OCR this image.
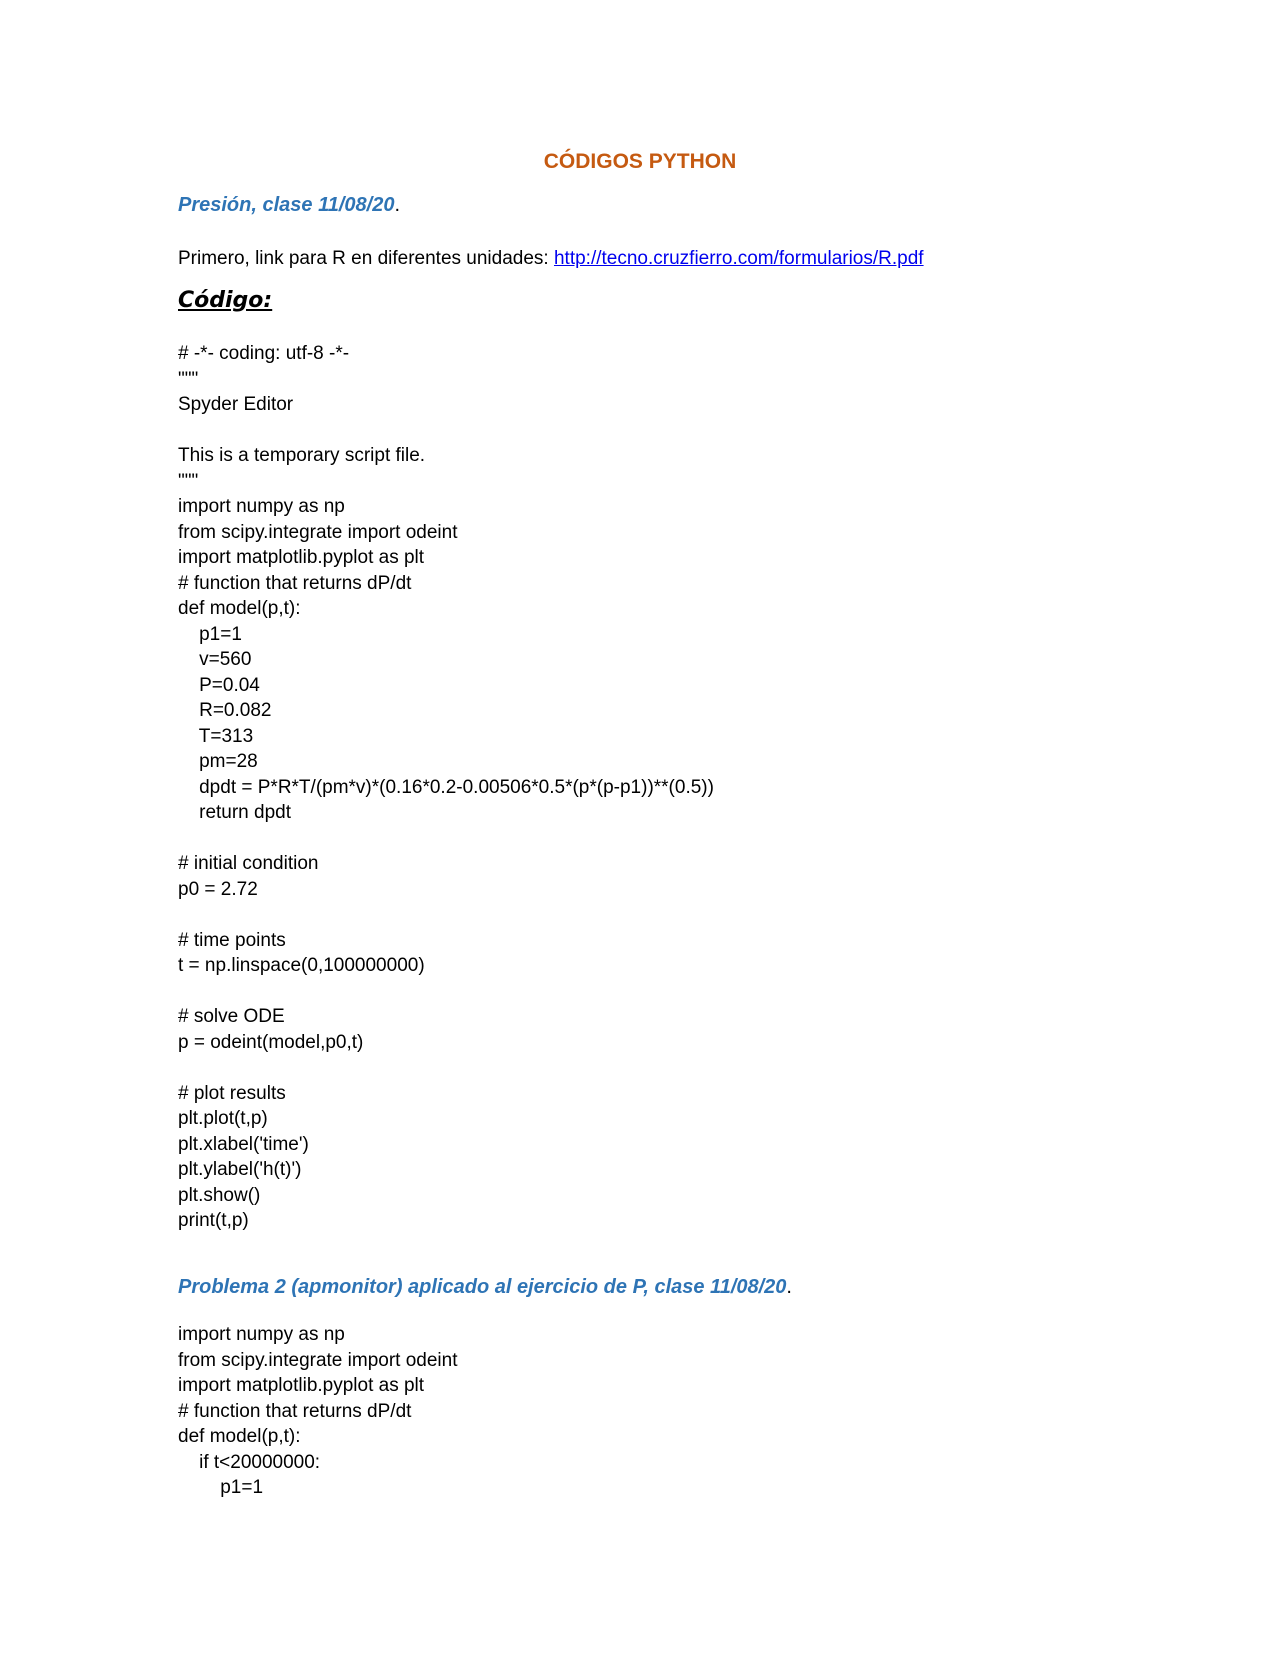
CÓDIGOS PYTHON
Presión, clase 11/08/20.
Primero, link para R en diferentes unidades: http://tecno.cruzfierro.com/formularios/R.pdf
Código:
# -*- coding: utf-8 -*-
"""
Spyder Editor

This is a temporary script file.
"""
import numpy as np
from scipy.integrate import odeint
import matplotlib.pyplot as plt
# function that returns dP/dt
def model(p,t):
p1=1
v=560
P=0.04
R=0.082
T=313
pm=28
dpdt = P*R*T/(pm*v)*(0.16*0.2-0.00506*0.5*(p*(p-p1))**(0.5))
return dpdt

# initial condition
p0 = 2.72

# time points
t = np.linspace(0,100000000)

# solve ODE
p = odeint(model,p0,t)

# plot results
plt.plot(t,p)
plt.xlabel('time')
plt.ylabel('h(t)')
plt.show()
print(t,p)
Problema 2 (apmonitor) aplicado al ejercicio de P, clase 11/08/20.
import numpy as np
from scipy.integrate import odeint
import matplotlib.pyplot as plt
# function that returns dP/dt
def model(p,t):
if t<20000000:
p1=1
